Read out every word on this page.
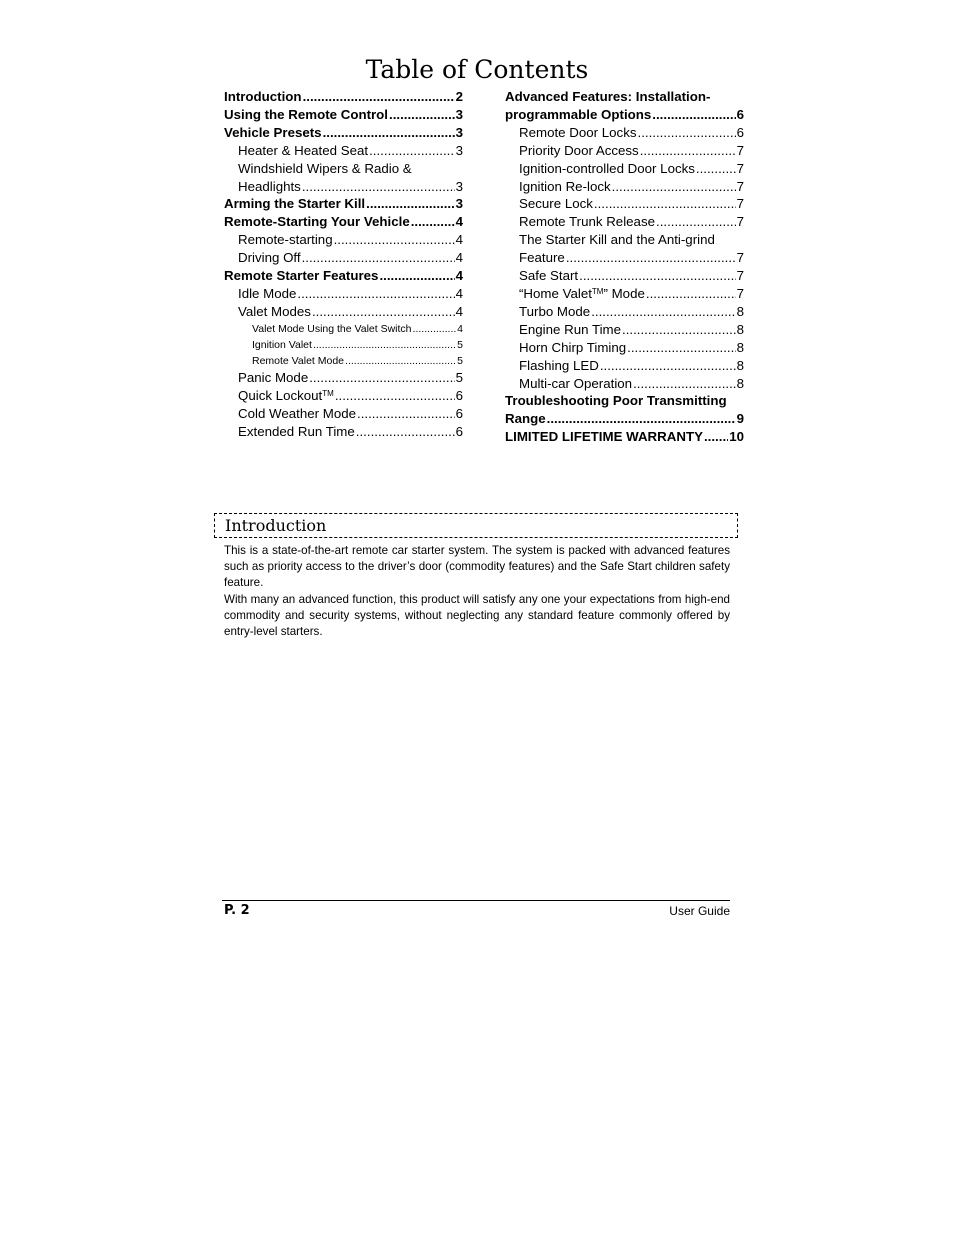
Table of Contents
Introduction .....	2
Using the Remote Control .....	3
Vehicle Presets .....	3
Heater & Heated Seat .....	3
Windshield Wipers & Radio &
Headlights .....	3
Arming the Starter Kill .....	3
Remote-Starting Your Vehicle .....	4
Remote-starting .....	4
Driving Off .....	4
Remote Starter Features .....	4
Idle Mode .....	4
Valet Modes .....	4
Valet Mode Using the Valet Switch .....	4
Ignition Valet .....	5
Remote Valet Mode .....	5
Panic Mode .....	5
Quick Lockout™ .....	6
Cold Weather Mode .....	6
Extended Run Time .....	6
Advanced Features: Installation-
programmable Options .....	6
Remote Door Locks .....	6
Priority Door Access .....	7
Ignition-controlled Door Locks .....	7
Ignition Re-lock .....	7
Secure Lock .....	7
Remote Trunk Release .....	7
The Starter Kill and the Anti-grind
Feature .....	7
Safe Start .....	7
“Home Valet™” Mode .....	7
Turbo Mode .....	8
Engine Run Time .....	8
Horn Chirp Timing .....	8
Flashing LED .....	8
Multi-car Operation .....	8
Troubleshooting Poor Transmitting
Range .....	9
LIMITED LIFETIME WARRANTY ..... 10
Introduction

This is a state-of-the-art remote car starter system. The system is packed with advanced features such as priority access to the driver’s door (commodity features) and the Safe Start children safety feature.

With many an advanced function, this product will satisfy any one your expectations from high-end commodity and security systems, without neglecting any standard feature commonly offered by entry-level starters.

P. 2	User Guide
